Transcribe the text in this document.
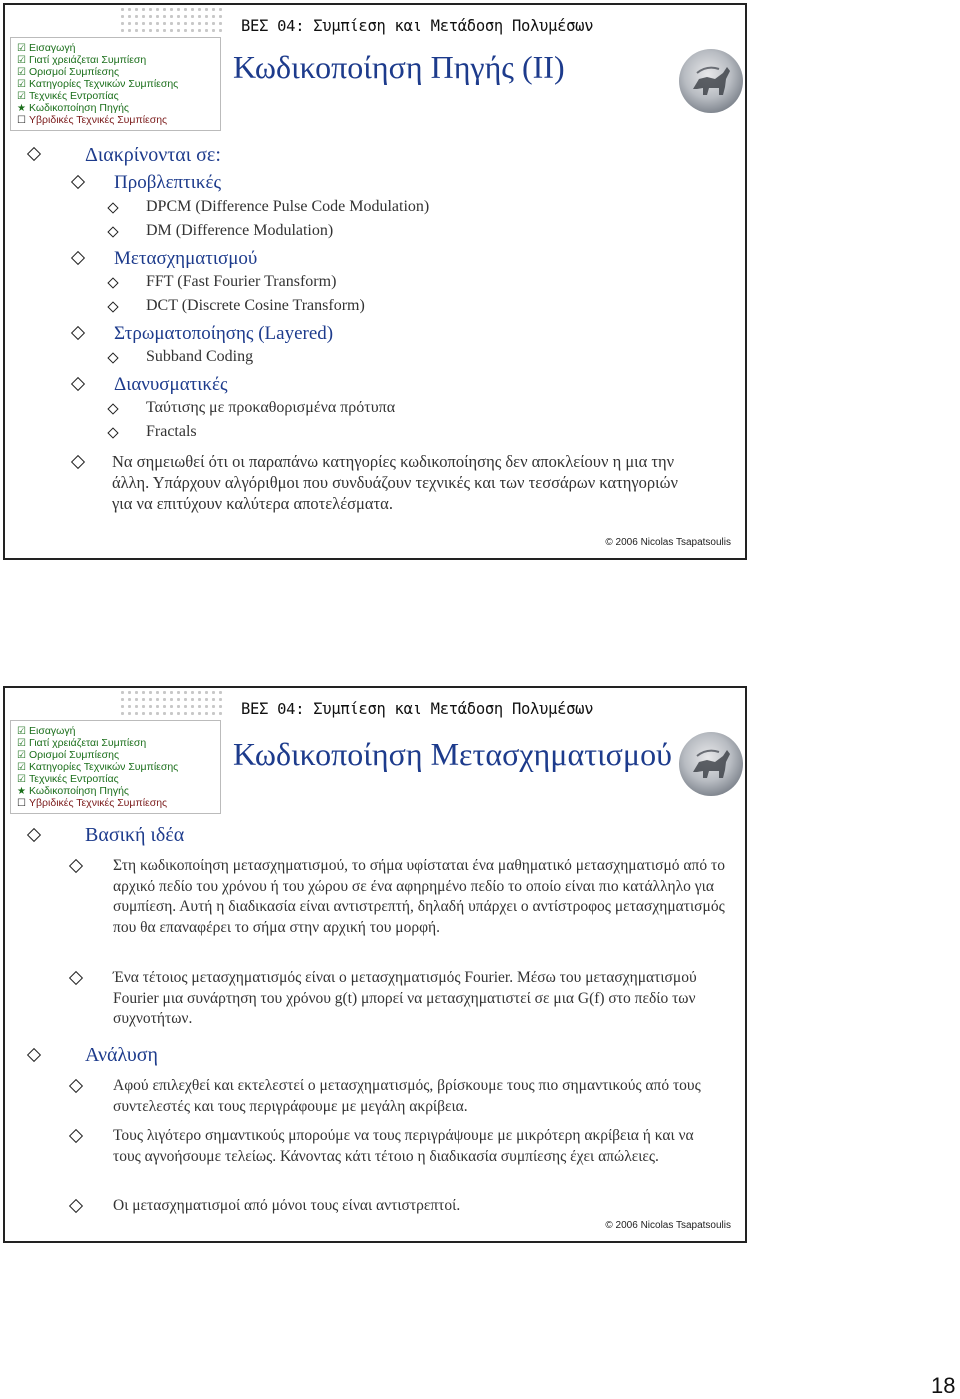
☑ Εισαγωγή
☑ Γιατί χρειάζεται Συμπίεση
☑ Ορισμοί Συμπίεσης
☑ Κατηγορίες Τεχνικών Συμπίεσης
☑ Τεχνικές Εντροπίας
★ Κωδικοποίηση Πηγής
☐ Υβριδικές Τεχνικές Συμπίεσης
ΒΕΣ 04: Συμπίεση και Μετάδοση Πολυμέσων
Κωδικοποίηση Πηγής (ΙΙ)
Διακρίνονται σε:
Προβλεπτικές
DPCM (Difference Pulse Code Modulation)
DM (Difference Modulation)
Μετασχηματισμού
FFT (Fast Fourier Transform)
DCT (Discrete Cosine Transform)
Στρωματοποίησης (Layered)
Subband Coding
Διανυσματικές
Ταύτισης με προκαθορισμένα πρότυπα
Fractals
Να σημειωθεί ότι οι παραπάνω κατηγορίες κωδικοποίησης δεν αποκλείουν η μια την άλλη. Υπάρχουν αλγόριθμοι που συνδυάζουν τεχνικές και των τεσσάρων κατηγοριών για να επιτύχουν καλύτερα αποτελέσματα.
© 2006 Nicolas Tsapatsoulis
☑ Εισαγωγή
☑ Γιατί χρειάζεται Συμπίεση
☑ Ορισμοί Συμπίεσης
☑ Κατηγορίες Τεχνικών Συμπίεσης
☑ Τεχνικές Εντροπίας
★ Κωδικοποίηση Πηγής
☐ Υβριδικές Τεχνικές Συμπίεσης
ΒΕΣ 04: Συμπίεση και Μετάδοση Πολυμέσων
Κωδικοποίηση Μετασχηματισμού
Βασική ιδέα
Στη κωδικοποίηση μετασχηματισμού, το σήμα υφίσταται ένα μαθηματικό μετασχηματισμό από το αρχικό πεδίο του χρόνου ή του χώρου σε ένα αφηρημένο πεδίο το οποίο είναι πιο κατάλληλο για συμπίεση. Αυτή η διαδικασία είναι αντιστρεπτή, δηλαδή υπάρχει ο αντίστροφος μετασχηματισμός που θα επαναφέρει το σήμα στην αρχική του μορφή.
Ένα τέτοιος μετασχηματισμός είναι ο μετασχηματισμός Fourier. Μέσω του μετασχηματισμού Fourier μια συνάρτηση του χρόνου g(t) μπορεί να μετασχηματιστεί σε μια G(f) στο πεδίο των συχνοτήτων.
Ανάλυση
Αφού επιλεχθεί και εκτελεστεί ο μετασχηματισμός, βρίσκουμε τους πιο σημαντικούς από τους συντελεστές και τους περιγράφουμε με μεγάλη ακρίβεια.
Τους λιγότερο σημαντικούς μπορούμε να τους περιγράψουμε με μικρότερη ακρίβεια ή και να τους αγνοήσουμε τελείως. Κάνοντας κάτι τέτοιο η διαδικασία συμπίεσης έχει απώλειες.
Οι μετασχηματισμοί από μόνοι τους είναι αντιστρεπτοί.
© 2006 Nicolas Tsapatsoulis
18
